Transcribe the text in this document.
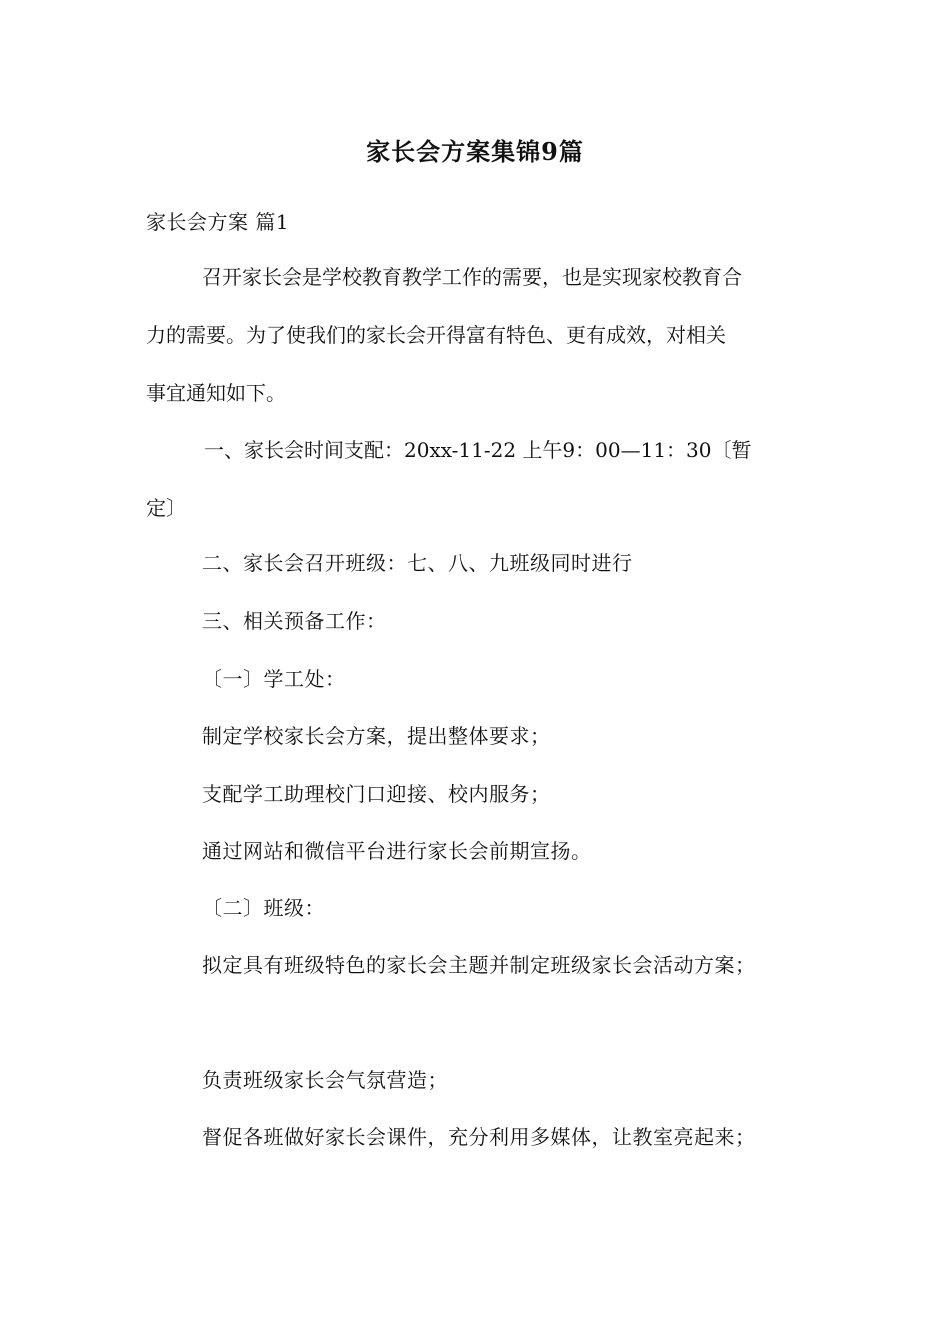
家长会方案集锦9篇
家长会方案 篇1
召开家长会是学校教育教学工作的需要，也是实现家校教育合
力的需要。为了使我们的家长会开得富有特色、更有成效，对相关
事宜通知如下。
一、家长会时间支配：20xx-11-22 上午9：00—11：30〔暂
定〕
二、家长会召开班级：七、八、九班级同时进行
三、相关预备工作：
〔一〕学工处：
制定学校家长会方案，提出整体要求；
支配学工助理校门口迎接、校内服务；
通过网站和微信平台进行家长会前期宣扬。
〔二〕班级：
拟定具有班级特色的家长会主题并制定班级家长会活动方案；
负责班级家长会气氛营造；
督促各班做好家长会课件，充分利用多媒体，让教室亮起来；
